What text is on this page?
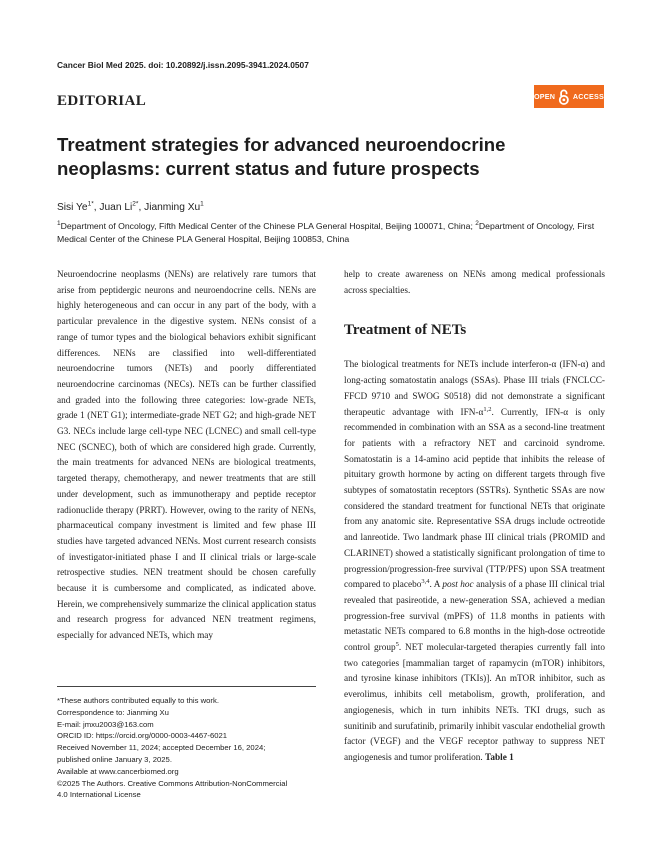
Cancer Biol Med 2025. doi: 10.20892/j.issn.2095-3941.2024.0507
EDITORIAL	OPEN ACCESS
Treatment strategies for advanced neuroendocrine neoplasms: current status and future prospects
Sisi $Ye^{1*}$, Juan $Li^{2*}$, Jianming Xu$^1$
$^1$Department of Oncology, Fifth Medical Center of the Chinese PLA General Hospital, Beijing 100071, China; $^2$Department of Oncology, First Medical Center of the Chinese PLA General Hospital, Beijing 100853, China

Neuroendocrine neoplasms (NENs) are relatively rare tumors that arise from peptidergic neurons and neuroendocrine cells. NENs are highly heterogeneous and can occur in any part of the body, with a particular prevalence in the digestive system. NENs consist of a range of tumor types and the biological behaviors exhibit significant differences. NENs are classified into well-differentiated neuroendocrine tumors (NETs) and poorly differentiated neuroendocrine carcinomas (NECs). NETs can be further classified and graded into the following three categories: low-grade NETs, grade 1 (NET G1); intermediate-grade NET G2; and high-grade NET G3. NECs include large cell-type NEC (LCNEC) and small cell-type NEC (SCNEC), both of which are considered high grade. Currently, the main treatments for advanced NENs are biological treatments, targeted therapy, chemotherapy, and newer treatments that are still under development, such as immunotherapy and peptide receptor radionuclide therapy (PRRT). However, owing to the rarity of NENs, pharmaceutical company investment is limited and few phase III studies have targeted advanced NENs. Most current research consists of investigator-initiated phase I and II clinical trials or large-scale retrospective studies. NEN treatment should be chosen carefully because it is cumbersome and complicated, as indicated above. Herein, we comprehensively summarize the clinical application status and research progress for advanced NEN treatment regimens, especially for advanced NETs, which may

help to create awareness on NENs among medical professionals across specialties.

Treatment of NETs

The biological treatments for NETs include interferon-α (IFN-α) and long-acting somatostatin analogs (SSAs). Phase III trials (FNCLCC-FFCD 9710 and SWOG S0518) did not demonstrate a significant therapeutic advantage with IFN-$\alpha^{1,2}$. Currently, IFN-α is only recommended in combination with an SSA as a second-line treatment for patients with a refractory NET and carcinoid syndrome. Somatostatin is a 14-amino acid peptide that inhibits the release of pituitary growth hormone by acting on different targets through five subtypes of somatostatin receptors (SSTRs). Synthetic SSAs are now considered the standard treatment for functional NETs that originate from any anatomic site. Representative SSA drugs include octreotide and lanreotide. Two landmark phase III clinical trials (PROMID and CLARINET) showed a statistically significant prolongation of time to progression/progression-free survival (TTP/PFS) upon SSA treatment compared to placebo$^{3,4}$. A post hoc analysis of a phase III clinical trial revealed that pasireotide, a new-generation SSA, achieved a median progression-free survival (mPFS) of 11.8 months in patients with metastatic NETs compared to 6.8 months in the high-dose octreotide control group$^5$. NET molecular-targeted therapies currently fall into two categories [mammalian target of rapamycin (mTOR) inhibitors, and tyrosine kinase inhibitors (TKIs)]. An mTOR inhibitor, such as everolimus, inhibits cell metabolism, growth, proliferation, and angiogenesis, which in turn inhibits NETs. TKI drugs, such as sunitinib and surufatinib, primarily inhibit vascular endothelial growth factor (VEGF) and the VEGF receptor pathway to suppress NET angiogenesis and tumor proliferation. Table 1

*These authors contributed equally to this work.
Correspondence to: Jianming Xu
E-mail: jmxu2003@163.com
ORCID ID: https://orcid.org/0000-0003-4467-6021
Received November 11, 2024; accepted December 16, 2024;
published online January 3, 2025.
Available at www.cancerbiomed.org
©2025 The Authors. Creative Commons Attribution-NonCommercial
4.0 International License
